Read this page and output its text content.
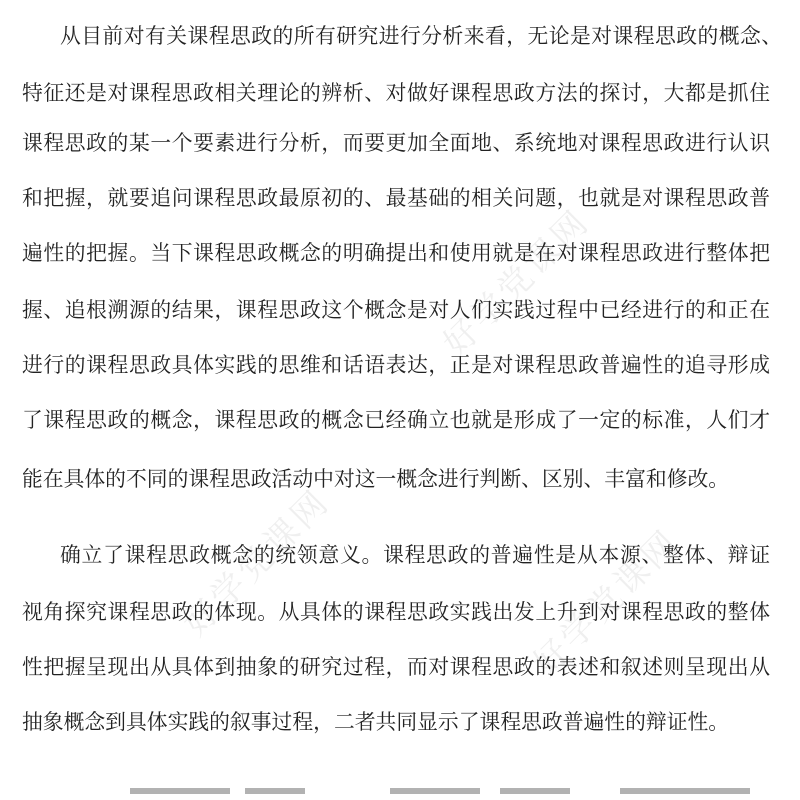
好学党课网
好学党课网	好学党课网
从目前对有关课程思政的所有研究进行分析来看，无论是对课程思政的概念、
特征还是对课程思政相关理论的辨析、对做好课程思政方法的探讨，大都是抓住
课程思政的某一个要素进行分析，而要更加全面地、系统地对课程思政进行认识
和把握，就要追问课程思政最原初的、最基础的相关问题，也就是对课程思政普
遍性的把握。当下课程思政概念的明确提出和使用就是在对课程思政进行整体把
握、追根溯源的结果，课程思政这个概念是对人们实践过程中已经进行的和正在
进行的课程思政具体实践的思维和话语表达，正是对课程思政普遍性的追寻形成
了课程思政的概念，课程思政的概念已经确立也就是形成了一定的标准，人们才
能在具体的不同的课程思政活动中对这一概念进行判断、区别、丰富和修改。
确立了课程思政概念的统领意义。课程思政的普遍性是从本源、整体、辩证
视角探究课程思政的体现。从具体的课程思政实践出发上升到对课程思政的整体
性把握呈现出从具体到抽象的研究过程，而对课程思政的表述和叙述则呈现出从
抽象概念到具体实践的叙事过程，二者共同显示了课程思政普遍性的辩证性。
